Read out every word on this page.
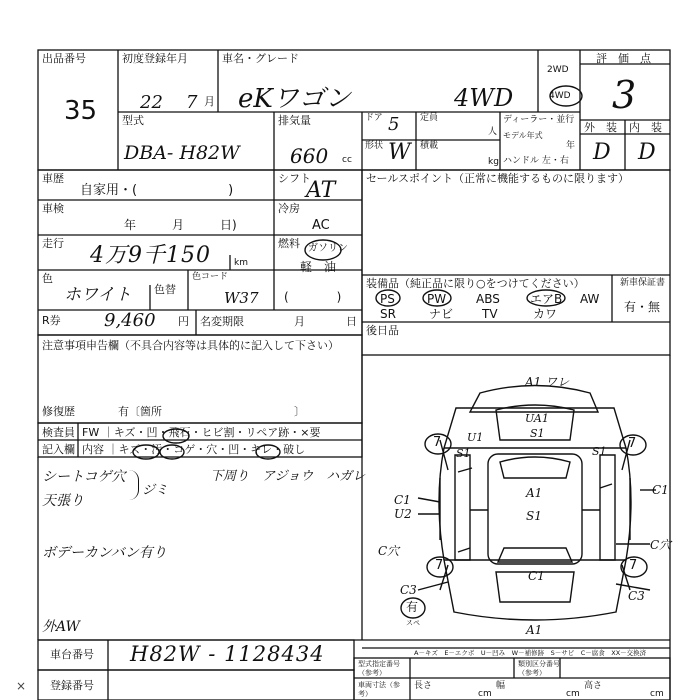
出品番号
35
初度登録年月
22 7 月
車名・グレード
eKワゴン	4WD
2WD
4WD
評　価　点
3
外　装 内　装
D D
型式
DBA- H82W
排気量
660 cc
ドア 5
形状 W
定員
人
積載
kg
ディーラー・並行
モデル年式
年
ハンドル 左・右
車歴
自家用・(　　　　　　　)
車検
年　　　月　　　日)
走行 4万9千150	km
色
ホワイト 色替
色コード
W37
R券 9,460 円
シフト
AT
冷房
AC
燃料 ガソリン
軽　油
(　　　　)
名変期限	月	日
セールスポイント（正常に機能するものに限ります）
装備品（純正品に限り○をつけてください）
PS	PW ABS	エアB AW
SR	ナビ TV	カワ
新車保証書
有・無
後日品
注意事項申告欄（不具合内容等は具体的に記入して下さい）
修復歴	有〔箇所　　　　　　　　　　　　〕
検査員
記入欄
FW ｜キズ・凹・飛石・ヒビ割・リペア跡・×要
内容 ｜キズ・汚・コゲ・穴・凹・キレ・破し
シートコゲ穴
ジミ
下周り　アジョウ　ハガレ
天張り
ボデーカンバン有り
外AW
A1 ワレ
UA1
S1
U1
S1	S1
A1
S1
C1
U2
C1
C穴	C穴
C1
C3	C3
A1
7	7
7	7
有
スペ
A－キズ　E－エクボ　U－凹み　W－補修跡　S－サビ　C－腐食　XX－交換済
車台番号 H82W - 1128434
登録番号
型式指定番号（参考）
類別区分番号（参考）
車両寸法（参考）
長さ
cm
幅
cm
高さ
cm
×
